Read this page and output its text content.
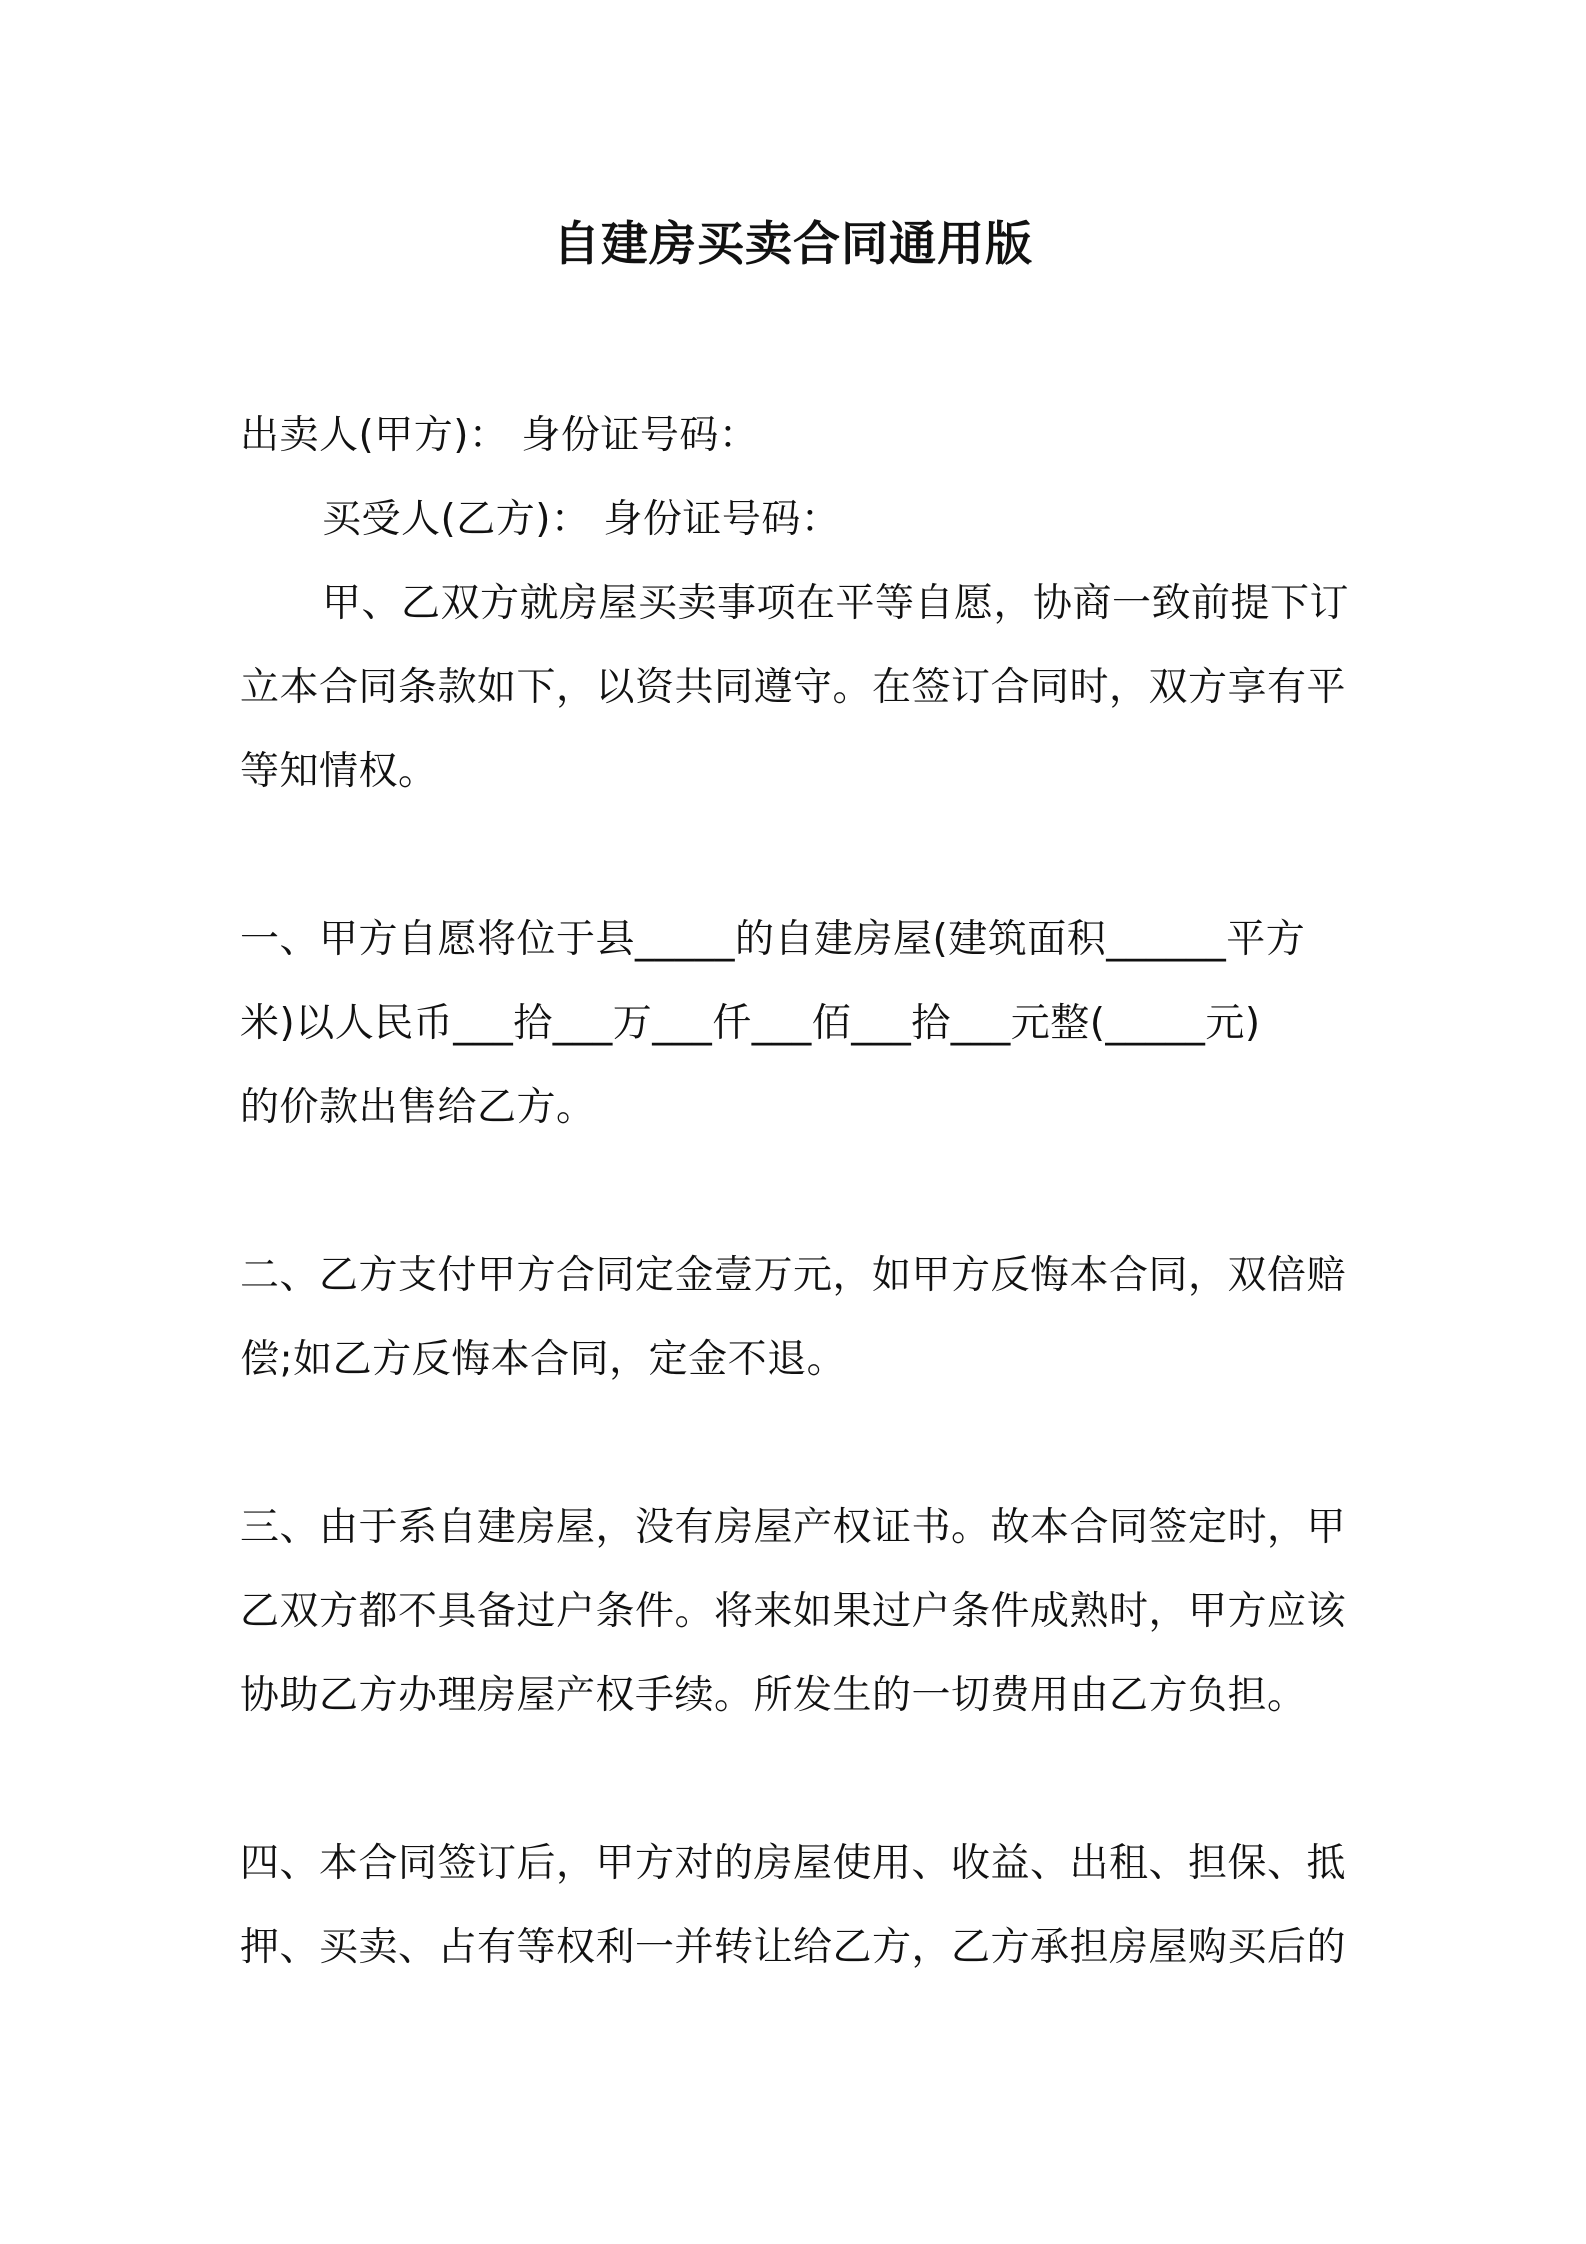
自建房买卖合同通用版
出卖人(甲方)： 身份证号码：
买受人(乙方)： 身份证号码：
甲、乙双方就房屋买卖事项在平等自愿，协商一致前提下订
立本合同条款如下，以资共同遵守。在签订合同时，双方享有平
等知情权。
一、甲方自愿将位于县_____的自建房屋(建筑面积______平方
米)以人民币___拾___万___仟___佰___拾___元整(_____元)
的价款出售给乙方。
二、乙方支付甲方合同定金壹万元，如甲方反悔本合同，双倍赔
偿;如乙方反悔本合同，定金不退。
三、由于系自建房屋，没有房屋产权证书。故本合同签定时，甲
乙双方都不具备过户条件。将来如果过户条件成熟时，甲方应该
协助乙方办理房屋产权手续。所发生的一切费用由乙方负担。
四、本合同签订后，甲方对的房屋使用、收益、出租、担保、抵
押、买卖、占有等权利一并转让给乙方，乙方承担房屋购买后的
